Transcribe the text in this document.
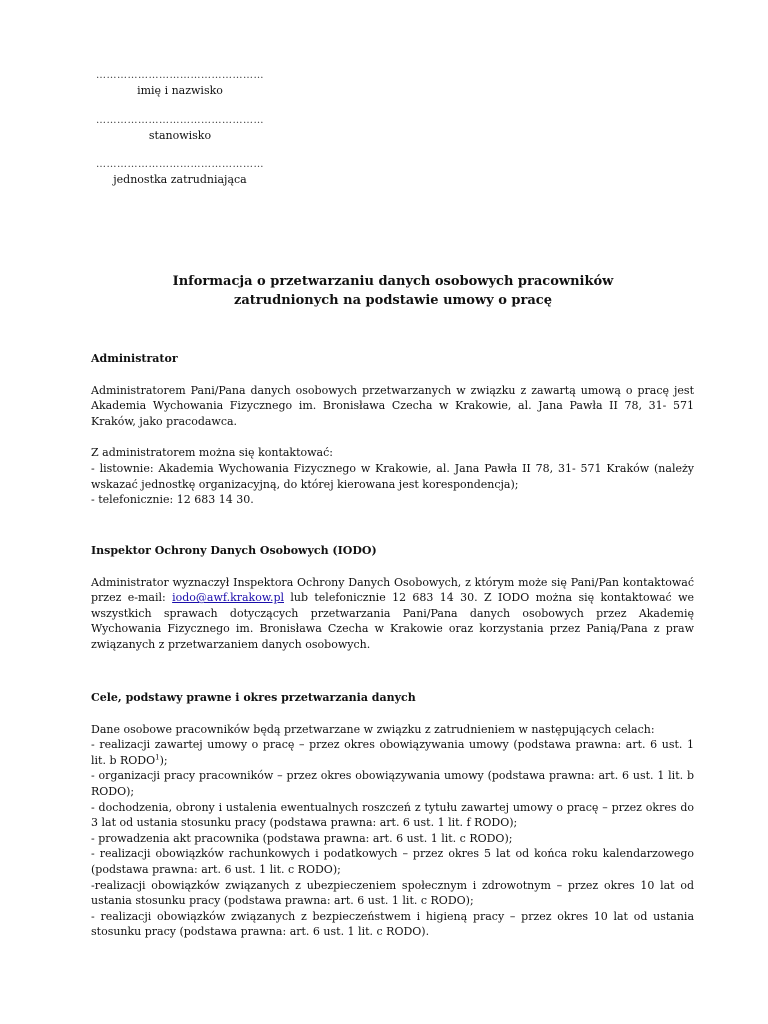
…………………………………………
imię i nazwisko
…………………………………………
stanowisko
…………………………………………
jednostka zatrudniająca
Informacja o przetwarzaniu danych osobowych pracowników
zatrudnionych na podstawie umowy o pracę

Administrator

Administratorem Pani/Pana danych osobowych przetwarzanych w związku z zawartą umową o pracę jest Akademia Wychowania Fizycznego im. Bronisława Czecha w Krakowie, al. Jana Pawła II 78, 31- 571 Kraków, jako pracodawca.

Z administratorem można się kontaktować:

- listownie: Akademia Wychowania Fizycznego w Krakowie, al. Jana Pawła II 78, 31- 571 Kraków (należy wskazać jednostkę organizacyjną, do której kierowana jest korespondencja);

- telefonicznie: 12 683 14 30.

Inspektor Ochrony Danych Osobowych (IODO)

Administrator wyznaczył Inspektora Ochrony Danych Osobowych, z którym może się Pani/Pan kontaktować przez e-mail: iodo@awf.krakow.pl lub telefonicznie 12 683 14 30. Z IODO można się kontaktować we wszystkich sprawach dotyczących przetwarzania Pani/Pana danych osobowych przez Akademię Wychowania Fizycznego im. Bronisława Czecha w Krakowie oraz korzystania przez Panią/Pana z praw związanych z przetwarzaniem danych osobowych.

Cele, podstawy prawne i okres przetwarzania danych

Dane osobowe pracowników będą przetwarzane w związku z zatrudnieniem w następujących celach:

- realizacji zawartej umowy o pracę – przez okres obowiązywania umowy (podstawa prawna: art. 6 ust. 1 lit. b RODO$^1$);

- organizacji pracy pracowników – przez okres obowiązywania umowy (podstawa prawna: art. 6 ust. 1 lit. b RODO);

- dochodzenia, obrony i ustalenia ewentualnych roszczeń z tytułu zawartej umowy o pracę – przez okres do 3 lat od ustania stosunku pracy (podstawa prawna: art. 6 ust. 1 lit. f RODO);

- prowadzenia akt pracownika (podstawa prawna: art. 6 ust. 1 lit. c RODO);

- realizacji obowiązków rachunkowych i podatkowych – przez okres 5 lat od końca roku kalendarzowego (podstawa prawna: art. 6 ust. 1 lit. c RODO);

-realizacji obowiązków związanych z ubezpieczeniem społecznym i zdrowotnym – przez okres 10 lat od ustania stosunku pracy (podstawa prawna: art. 6 ust. 1 lit. c RODO);

- realizacji obowiązków związanych z bezpieczeństwem i higieną pracy – przez okres 10 lat od ustania stosunku pracy (podstawa prawna: art. 6 ust. 1 lit. c RODO).
